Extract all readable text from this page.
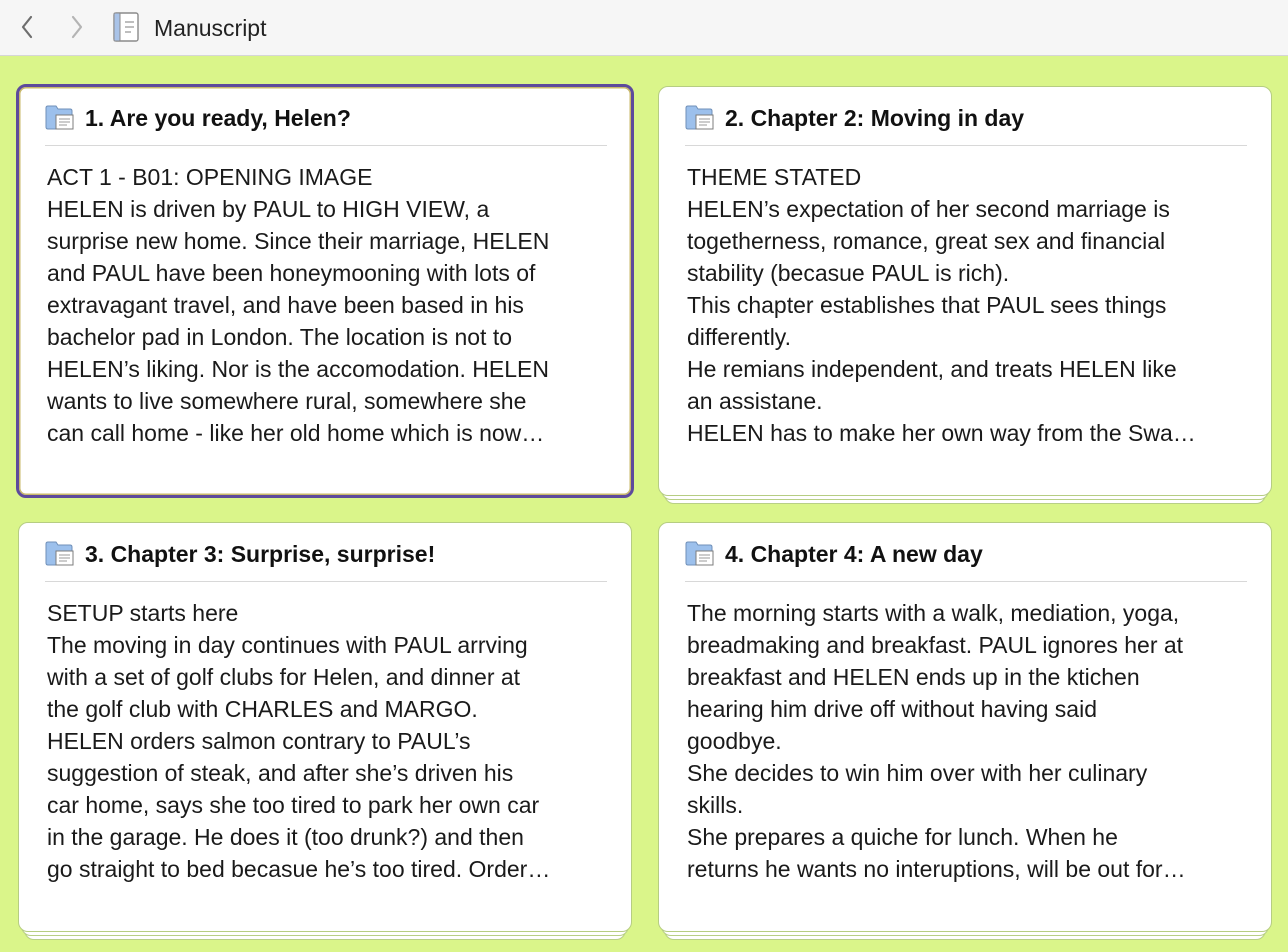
Manuscript
1. Are you ready, Helen?
ACT 1 - B01: OPENING IMAGE
HELEN is driven by PAUL to HIGH VIEW, a
surprise new home. Since their marriage, HELEN
and PAUL have been honeymooning with lots of
extravagant travel, and have been based in his
bachelor pad in London. The location is not to
HELEN’s liking. Nor is the accomodation. HELEN
wants to live somewhere rural, somewhere she
can call home - like her old home which is now…
2. Chapter 2: Moving in day
THEME STATED
HELEN’s expectation of her second marriage is
togetherness, romance, great sex and financial
stability (becasue PAUL is rich).
This chapter establishes that PAUL sees things
differently.
He remians independent, and treats HELEN like
an assistane.
HELEN has to make her own way from the Swa…
3. Chapter 3: Surprise, surprise!
SETUP starts here
The moving in day continues with PAUL arrving
with a set of golf clubs for Helen, and dinner at
the golf club with CHARLES and MARGO.
HELEN orders salmon contrary to PAUL’s
suggestion of steak, and after she’s driven his
car home, says she too tired to park her own car
in the garage. He does it (too drunk?) and then
go straight to bed becasue he’s too tired. Order…
4. Chapter 4: A new day
The morning starts with a walk, mediation, yoga,
breadmaking and breakfast. PAUL ignores her at
breakfast and HELEN ends up in the ktichen
hearing him drive off without having said
goodbye.
She decides to win him over with her culinary
skills.
She prepares a quiche for lunch. When he
returns he wants no interuptions, will be out for…
